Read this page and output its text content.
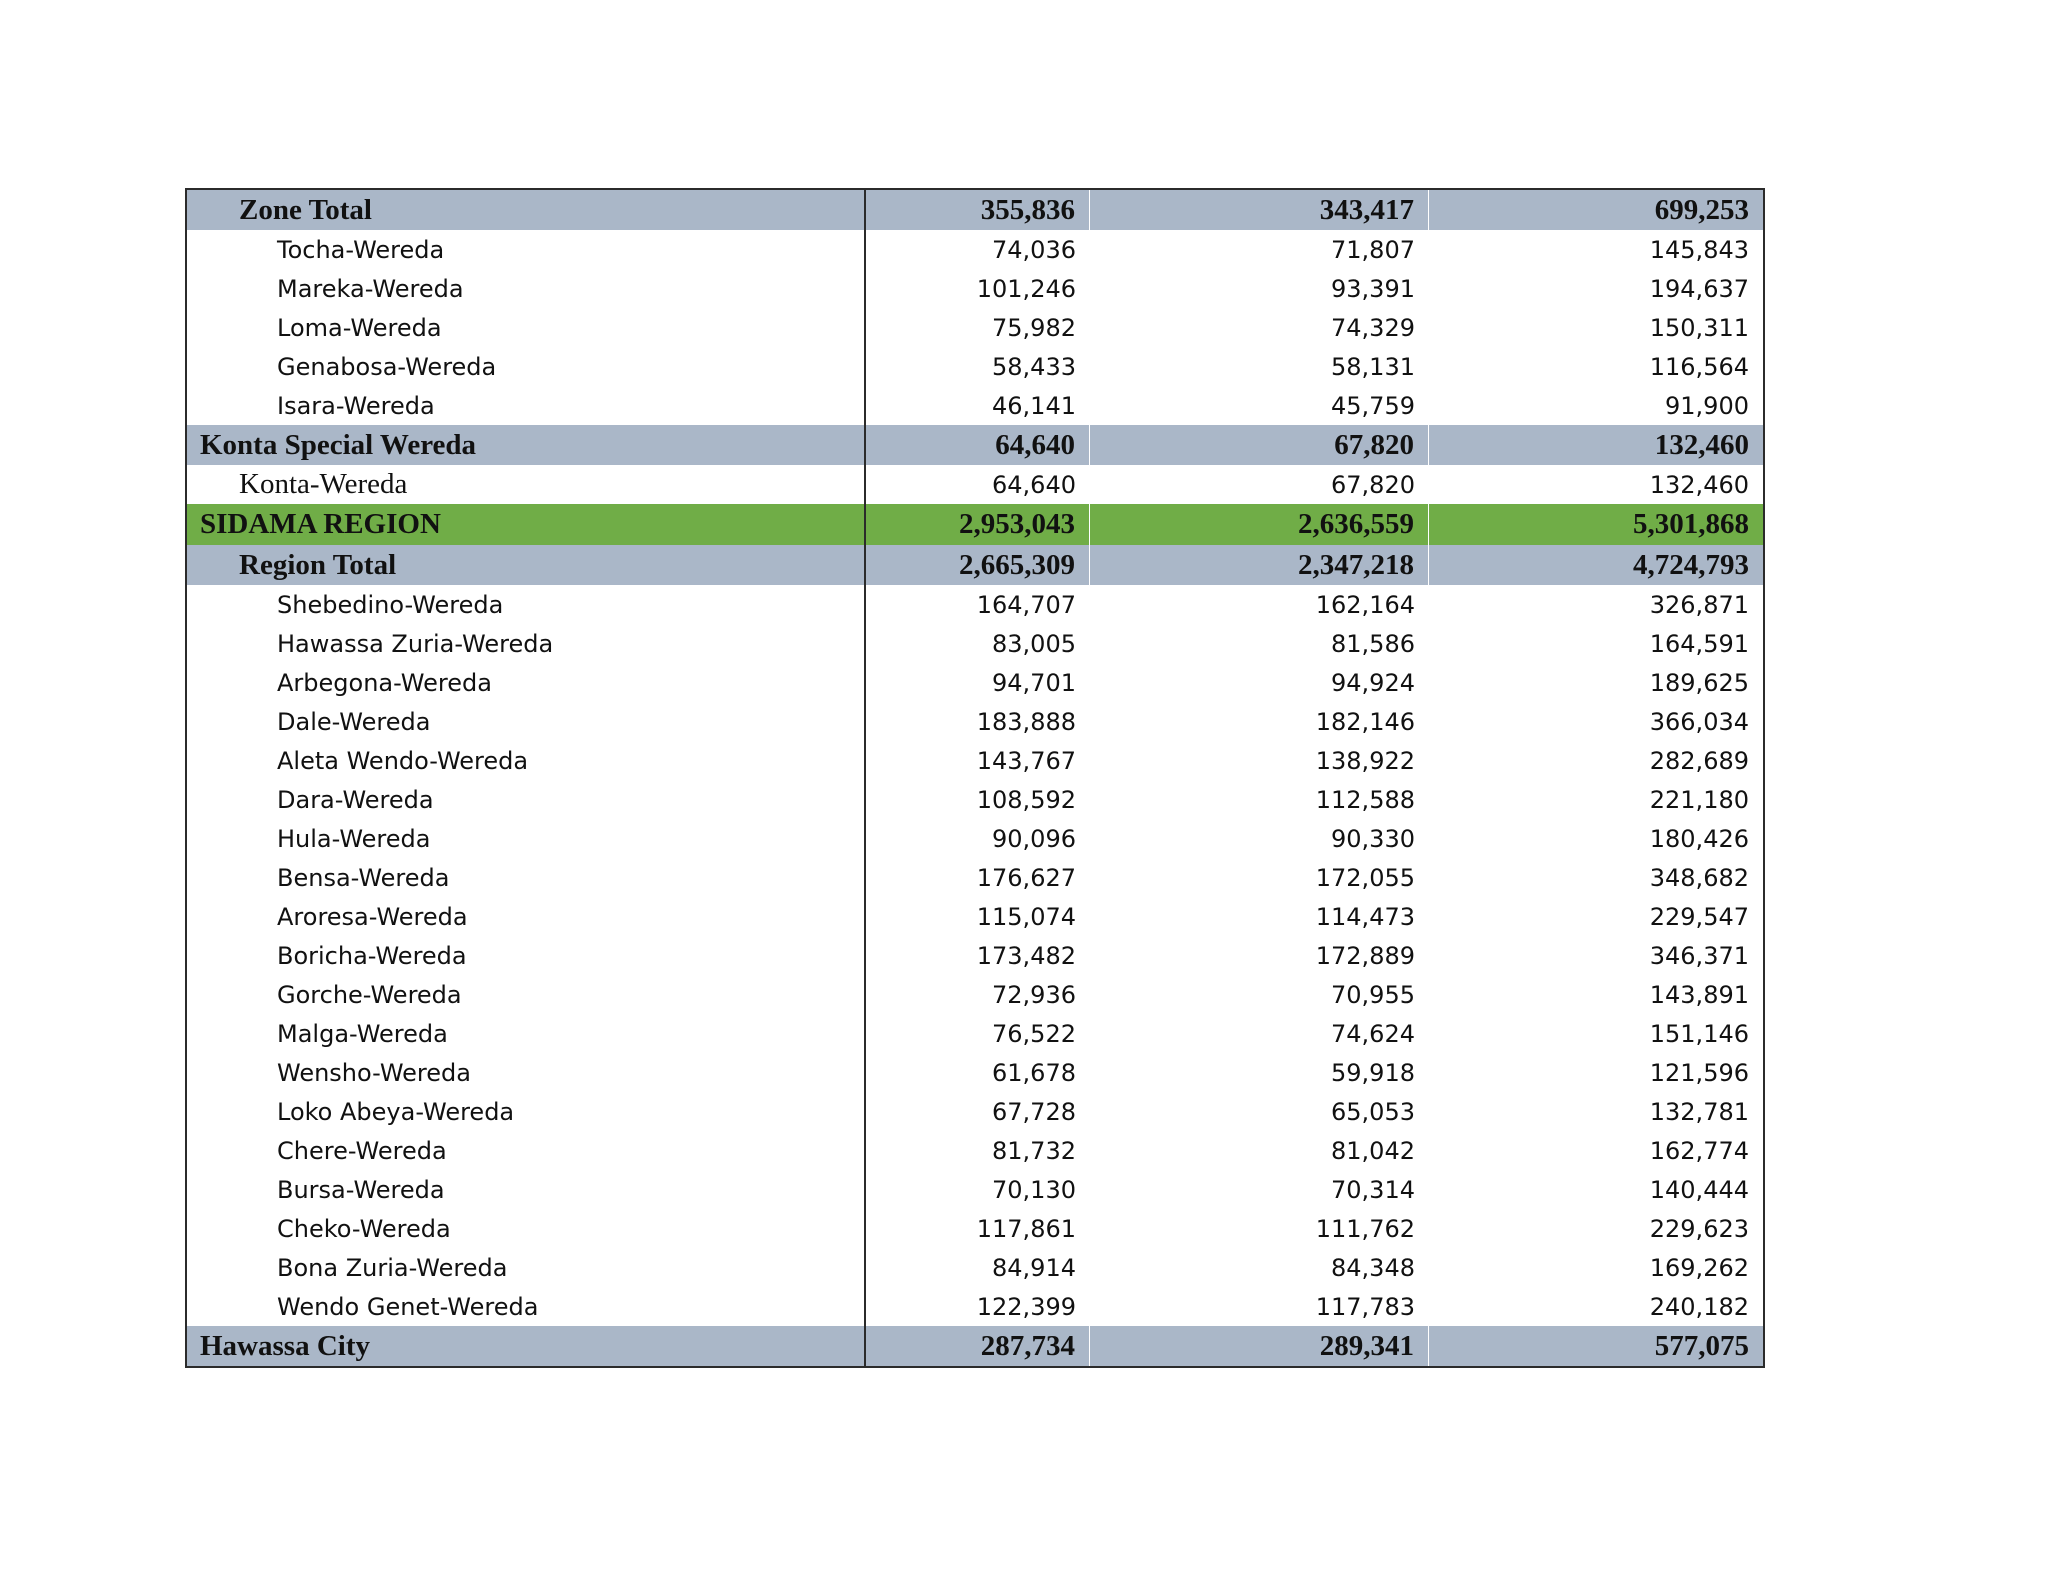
Zone Total	355,836	343,417	699,253
Tocha-Wereda	74,036	71,807	145,843
Mareka-Wereda	101,246	93,391	194,637
Loma-Wereda	75,982	74,329	150,311
Genabosa-Wereda	58,433	58,131	116,564
Isara-Wereda	46,141	45,759	91,900
Konta Special Wereda	64,640	67,820	132,460
Konta-Wereda	64,640	67,820	132,460
SIDAMA REGION	2,953,043	2,636,559	5,301,868
Region Total	2,665,309	2,347,218	4,724,793
Shebedino-Wereda	164,707	162,164	326,871
Hawassa Zuria-Wereda	83,005	81,586	164,591
Arbegona-Wereda	94,701	94,924	189,625
Dale-Wereda	183,888	182,146	366,034
Aleta Wendo-Wereda	143,767	138,922	282,689
Dara-Wereda	108,592	112,588	221,180
Hula-Wereda	90,096	90,330	180,426
Bensa-Wereda	176,627	172,055	348,682
Aroresa-Wereda	115,074	114,473	229,547
Boricha-Wereda	173,482	172,889	346,371
Gorche-Wereda	72,936	70,955	143,891
Malga-Wereda	76,522	74,624	151,146
Wensho-Wereda	61,678	59,918	121,596
Loko Abeya-Wereda	67,728	65,053	132,781
Chere-Wereda	81,732	81,042	162,774
Bursa-Wereda	70,130	70,314	140,444
Cheko-Wereda	117,861	111,762	229,623
Bona Zuria-Wereda	84,914	84,348	169,262
Wendo Genet-Wereda	122,399	117,783	240,182
Hawassa City	287,734	289,341	577,075
